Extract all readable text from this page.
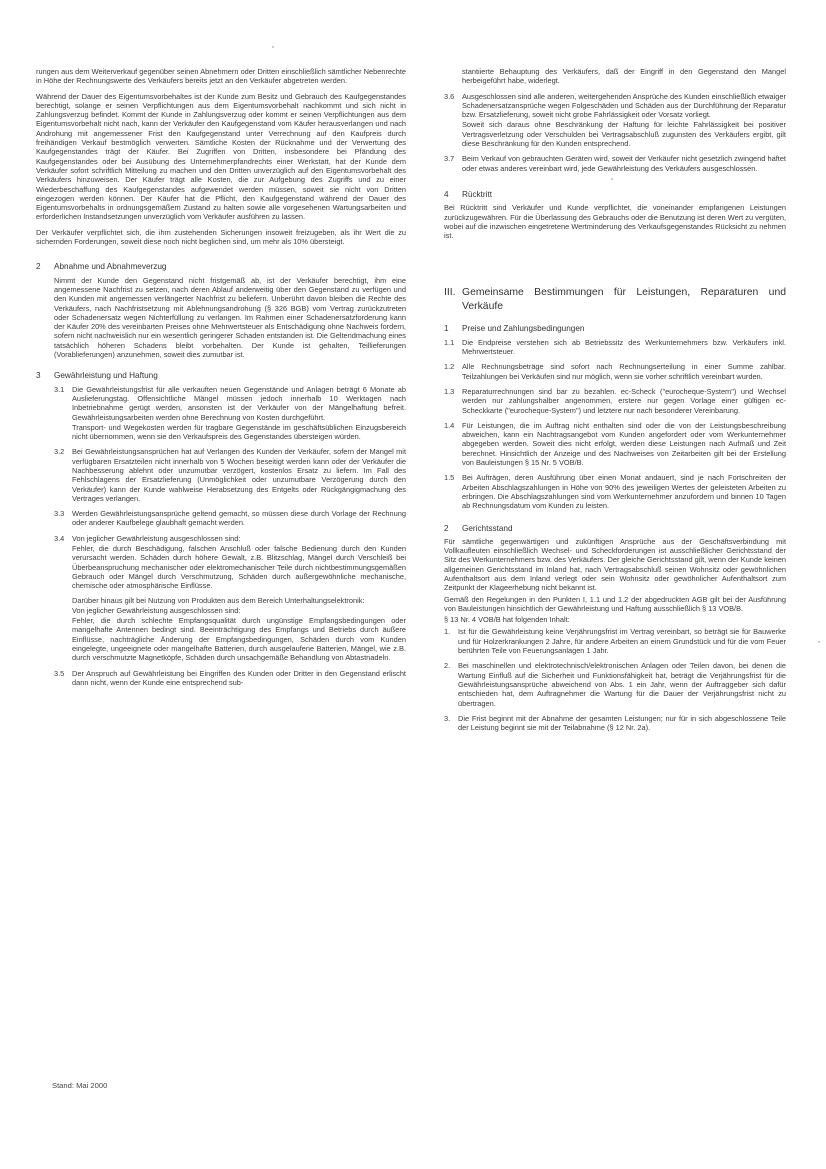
rungen aus dem Weiterverkauf gegenüber seinen Abnehmern oder Dritten einschließlich sämtlicher Nebenrechte in Höhe der Rechnungswerte des Verkäufers bereits jetzt an den Verkäufer abgetreten werden.

Während der Dauer des Eigentumsvorbehaltes ist der Kunde zum Besitz und Gebrauch des Kaufgegenstandes berechtigt, solange er seinen Verpflichtungen aus dem Eigentumsvorbehalt nachkommt und sich nicht in Zahlungsverzug befindet. Kommt der Kunde in Zahlungsverzug oder kommt er seinen Verpflichtungen aus dem Eigentumsvorbehalt nicht nach, kann der Verkäufer den Kaufgegenstand vom Käufer herausverlangen und nach Androhung mit angemessener Frist den Kaufgegenstand unter Verrechnung auf den Kaufpreis durch freihändigen Verkauf bestmöglich verwerten. Sämtliche Kosten der Rücknahme und der Verwertung des Kaufgegenstandes trägt der Käufer. Bei Zugriffen von Dritten, insbesondere bei Pfändung des Kaufgegenstandes oder bei Ausübung des Unternehmerpfandrechts einer Werkstatt, hat der Kunde dem Verkäufer sofort schriftlich Mitteilung zu machen und den Dritten unverzüglich auf den Eigentumsvorbehalt des Verkäufers hinzuweisen. Der Käufer trägt alle Kosten, die zur Aufgebung des Zugriffs und zu einer Wiederbeschaffung des Kaufgegenstandes aufgewendet werden müssen, soweit sie nicht von Dritten eingezogen werden können. Der Käufer hat die Pflicht, den Kaufgegenstand während der Dauer des Eigentumsvorbehalts in ordnungsgemäßem Zustand zu halten sowie alle vorgesehenen Wartungsarbeiten und erforderlichen Instandsetzungen unverzüglich vom Verkäufer ausführen zu lassen.

Der Verkäufer verpflichtet sich, die ihm zustehenden Sicherungen insoweit freizugeben, als ihr Wert die zu sichernden Forderungen, soweit diese noch nicht beglichen sind, um mehr als 10% übersteigt.

2	Abnahme und Abnahmeverzug

Nimmt der Kunde den Gegenstand nicht fristgemäß ab, ist der Verkäufer berechtigt, ihm eine angemessene Nachfrist zu setzen, nach deren Ablauf anderweitig über den Gegenstand zu verfügen und den Kunden mit angemessen verlängerter Nachfrist zu beliefern. Unberührt davon bleiben die Rechte des Verkäufers, nach Nachfristsetzung mit Ablehnungsandrohung (§ 326 BGB) vom Vertrag zurückzutreten oder Schadenersatz wegen Nichterfüllung zu verlangen. Im Rahmen einer Schadenersatzforderung kann der Käufer 20% des vereinbarten Preises ohne Mehrwertsteuer als Entschädigung ohne Nachweis fordern, sofern nicht nachweislich nur ein wesentlich geringerer Schaden entstanden ist. Die Geltendmachung eines tatsächlich höheren Schadens bleibt vorbehalten. Der Kunde ist gehalten, Teillieferungen (Vorablieferungen) anzunehmen, soweit dies zumutbar ist.

3	Gewährleistung und Haftung
3.1	Die Gewährleistungsfrist für alle verkauften neuen Gegenstände und Anlagen beträgt 6 Monate ab Auslieferungstag. Offensichtliche Mängel müssen jedoch innerhalb 10 Werktagen nach Inbetriebnahme gerügt werden, ansonsten ist der Verkäufer von der Mängelhaftung befreit. Gewährleistungsarbeiten werden ohne Berechnung von Kosten durchgeführt.

Transport- und Wegekosten werden für tragbare Gegenstände im geschäftsüblichen Einzugsbereich nicht übernommen, wenn sie den Verkaufspreis des Gegenstandes übersteigen würden.

3.2	Bei Gewährleistungsansprüchen hat auf Verlangen des Kunden der Verkäufer, sofern der Mangel mit verfügbaren Ersatzteilen nicht innerhalb von 5 Wochen beseitigt werden kann oder der Verkäufer die Nachbesserung ablehnt oder unzumutbar verzögert, kostenlos Ersatz zu liefern. Im Fall des Fehlschlagens der Ersatzlieferung (Unmöglichkeit oder unzumutbare Verzögerung durch den Verkäufer) kann der Kunde wahlweise Herabsetzung des Entgelts oder Rückgängigmachung des Vertrages verlangen.

3.3	Werden Gewährleistungsansprüche geltend gemacht, so müssen diese durch Vorlage der Rechnung oder anderer Kaufbelege glaubhaft gemacht werden.

3.4	Von jeglicher Gewährleistung ausgeschlossen sind:

Fehler, die durch Beschädigung, falschen Anschluß oder falsche Bedienung durch den Kunden verursacht werden. Schäden durch höhere Gewalt, z.B. Blitzschlag, Mängel durch Verschleiß bei Überbeanspruchung mechanischer oder elektromechanischer Teile durch nichtbestimmungsgemäßen Gebrauch oder Mängel durch Verschmutzung, Schäden durch außergewöhnliche mechanische, chemische oder atmosphärische Einflüsse.

Darüber hinaus gilt bei Nutzung von Produkten aus dem Bereich Unterhaltungselektronik:

Von jeglicher Gewährleistung ausgeschlossen sind:

Fehler, die durch schlechte Empfangsqualität durch ungünstige Empfangsbedingungen oder mangelhafte Antennen bedingt sind. Beeinträchtigung des Empfangs und Betriebs durch äußere Einflüsse, nachträgliche Änderung der Empfangsbedingungen, Schäden durch vom Kunden eingelegte, ungeeignete oder mangelhafte Batterien, durch ausgelaufene Batterien, Mängel, wie z.B. durch verschmutzte Magnetköpfe, Schäden durch unsachgemäße Behandlung von Abtastnadeln.

3.5	Der Anspruch auf Gewährleistung bei Eingriffen des Kunden oder Dritter in den Gegenstand erlischt dann nicht, wenn der Kunde eine entsprechend sub-

Stand: Mai 2000

stantiierte Behauptung des Verkäufers, daß der Eingriff in den Gegenstand den Mangel herbeigeführt habe, widerlegt.

3.6	Ausgeschlossen sind alle anderen, weitergehenden Ansprüche des Kunden einschließlich etwaiger Schadenersatzansprüche wegen Folgeschäden und Schäden aus der Durchführung der Reparatur bzw. Ersatzlieferung, soweit nicht grobe Fahrlässigkeit oder Vorsatz vorliegt.

Soweit sich daraus ohne Beschränkung der Haftung für leichte Fahrlässigkeit bei positiver Vertragsverletzung oder Verschulden bei Vertragsabschluß zugunsten des Verkäufers ergibt, gilt diese Beschränkung für den Kunden entsprechend.

3.7	Beim Verkauf von gebrauchten Geräten wird, soweit der Verkäufer nicht gesetzlich zwingend haftet oder etwas anderes vereinbart wird, jede Gewährleistung des Verkäufers ausgeschlossen.

4	Rücktritt

Bei Rücktritt sind Verkäufer und Kunde verpflichtet, die voneinander empfangenen Leistungen zurückzugewähren. Für die Überlassung des Gebrauchs oder die Benutzung ist deren Wert zu vergüten, wobei auf die inzwischen eingetretene Wertminderung des Verkaufsgegenstandes Rücksicht zu nehmen ist.

III. Gemeinsame Bestimmungen für Leistungen, Reparaturen und Verkäufe
1	Preise und Zahlungsbedingungen
1.1	Die Endpreise verstehen sich ab Betriebssitz des Werkunternehmers bzw. Verkäufers inkl. Mehrwertsteuer.

1.2	Alle Rechnungsbeträge sind sofort nach Rechnungserteilung in einer Summe zahlbar. Teilzahlungen bei Verkäufen sind nur möglich, wenn sie vorher schriftlich vereinbart wurden.

1.3	Reparaturrechnungen sind bar zu bezahlen. ec-Scheck ("eurocheque-System") und Wechsel werden nur zahlungshalber angenommen, erstere nur gegen Vorlage einer gültigen ec-Scheckkarte ("eurocheque-System") und letztere nur nach besonderer Vereinbarung.

1.4	Für Leistungen, die im Auftrag nicht enthalten sind oder die von der Leistungsbeschreibung abweichen, kann ein Nachtragsangebot vom Kunden angefordert oder vom Werkunternehmer abgegeben werden. Soweit dies nicht erfolgt, werden diese Leistungen nach Aufmaß und Zeit berechnet. Hinsichtlich der Anzeige und des Nachweises von Zeitarbeiten gilt bei der Erstellung von Bauleistungen § 15 Nr. 5 VOB/B.

1.5	Bei Aufträgen, deren Ausführung über einen Monat andauert, sind je nach Fortschreiten der Arbeiten Abschlagszahlungen in Höhe von 90% des jeweiligen Wertes der geleisteten Arbeiten zu erbringen. Die Abschlagszahlungen sind vom Werkunternehmer anzufordern und binnen 10 Tagen ab Rechnungsdatum vom Kunden zu leisten.

2	Gerichtsstand

Für sämtliche gegenwärtigen und zukünftigen Ansprüche aus der Geschäftsverbindung mit Vollkaufleuten einschließlich Wechsel- und Scheckforderungen ist ausschließlicher Gerichtsstand der Sitz des Werkunternehmers bzw. des Verkäufers. Der gleiche Gerichtsstand gilt, wenn der Kunde keinen allgemeinen Gerichtsstand im Inland hat, nach Vertragsabschluß seinen Wohnsitz oder gewöhnlichen Aufenthaltsort aus dem Inland verlegt oder sein Wohnsitz oder gewöhnlicher Aufenthaltsort zum Zeitpunkt der Klageerhebung nicht bekannt ist.

Gemäß den Regelungen in den Punkten I, 1.1 und 1.2 der abgedruckten AGB gilt bei der Ausführung von Bauleistungen hinsichtlich der Gewährleistung und Haftung ausschließlich § 13 VOB/B.

§ 13 Nr. 4 VOB/B hat folgenden Inhalt:

1.	Ist für die Gewährleistung keine Verjährungsfrist im Vertrag vereinbart, so beträgt sie für Bauwerke und für Holzerkrankungen 2 Jahre, für andere Arbeiten an einem Grundstück und für die vom Feuer berührten Teile von Feuerungsanlagen 1 Jahr.
2.	Bei maschinellen und elektrotechnisch/elektronischen Anlagen oder Teilen davon, bei denen die Wartung Einfluß auf die Sicherheit und Funktionsfähigkeit hat, beträgt die Verjährungsfrist für die Gewährleistungsansprüche abweichend von Abs. 1 ein Jahr, wenn der Auftraggeber sich dafür entschieden hat, dem Auftragnehmer die Wartung für die Dauer der Verjährungsfrist nicht zu übertragen.
3.	Die Frist beginnt mit der Abnahme der gesamten Leistungen; nur für in sich abgeschlossene Teile der Leistung beginnt sie mit der Teilabnahme (§ 12 Nr. 2a).
